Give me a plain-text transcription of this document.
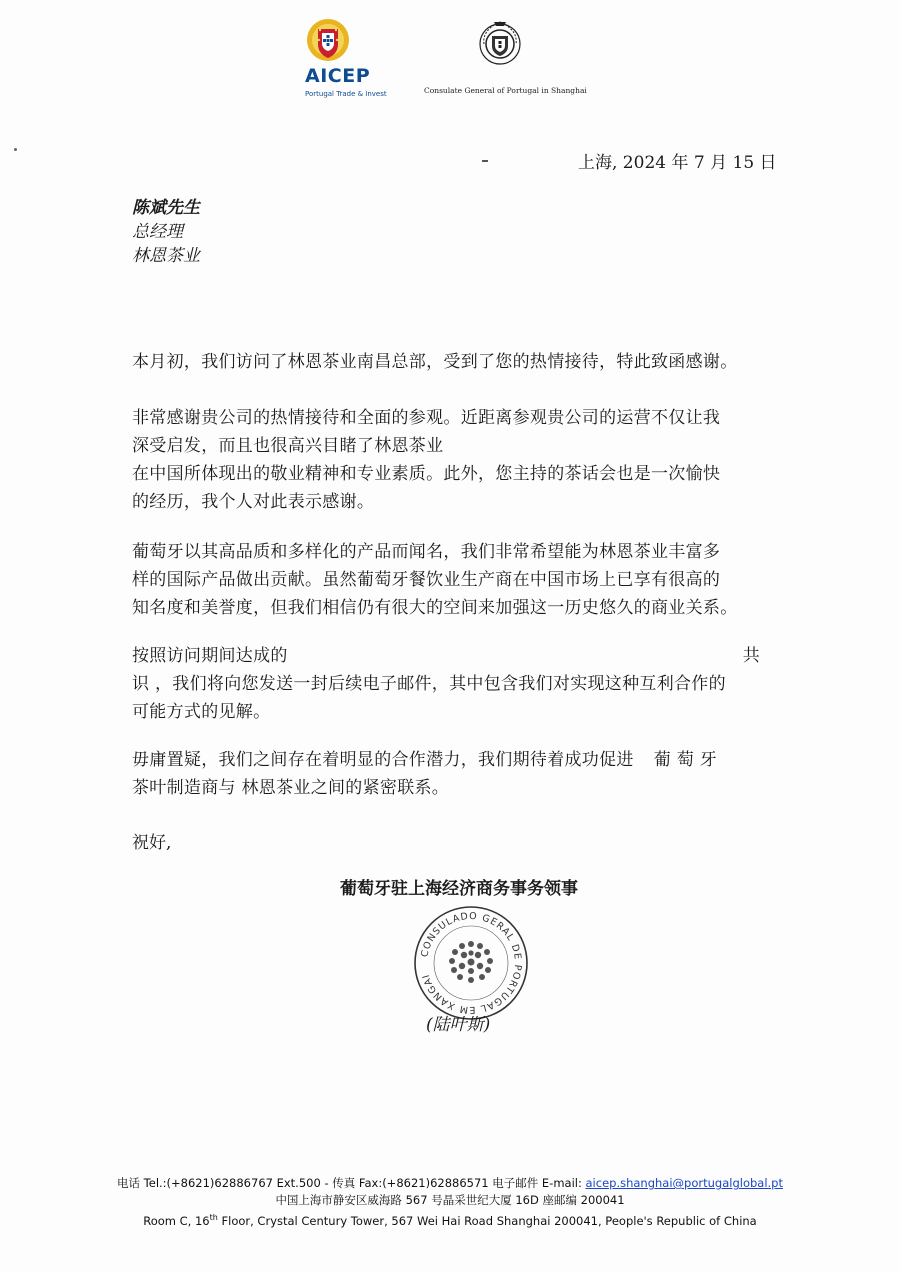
AICEP
Portugal Trade & Invest	Consulate General of Portugal in Shanghai
上海, 2024 年 7 月 15 日
陈斌先生
总经理
林恩茶业
本月初，我们访问了林恩茶业南昌总部，受到了您的热情接待，特此致函感谢。
非常感谢贵公司的热情接待和全面的参观。近距离参观贵公司的运营不仅让我
深受启发，而且也很高兴目睹了林恩茶业
在中国所体现出的敬业精神和专业素质。此外，您主持的茶话会也是一次愉快
的经历，我个人对此表示感谢。
葡萄牙以其高品质和多样化的产品而闻名，我们非常希望能为林恩茶业丰富多
样的国际产品做出贡献。虽然葡萄牙餐饮业生产商在中国市场上已享有很高的
知名度和美誉度，但我们相信仍有很大的空间来加强这一历史悠久的商业关系。
按照访问期间达成的	共
识 ，我们将向您发送一封后续电子邮件，其中包含我们对实现这种互利合作的
可能方式的见解。
毋庸置疑，我们之间存在着明显的合作潜力，我们期待着成功促进 葡 萄 牙
茶叶制造商与 林恩茶业之间的紧密联系。
祝好,
葡萄牙驻上海经济商务事务领事
CONSULADO GERAL DE PORTUGAL EM XANGAI
(陆叶斯)
电话 Tel.:(+8621)62886767 Ext.500 - 传真 Fax:(+8621)62886571 电子邮件 E-mail: aicep.shanghai@portugalglobal.pt
中国上海市静安区威海路 567 号晶采世纪大厦 16D 座邮编 200041
Room C, 16th Floor, Crystal Century Tower, 567 Wei Hai Road Shanghai 200041, People's Republic of China
